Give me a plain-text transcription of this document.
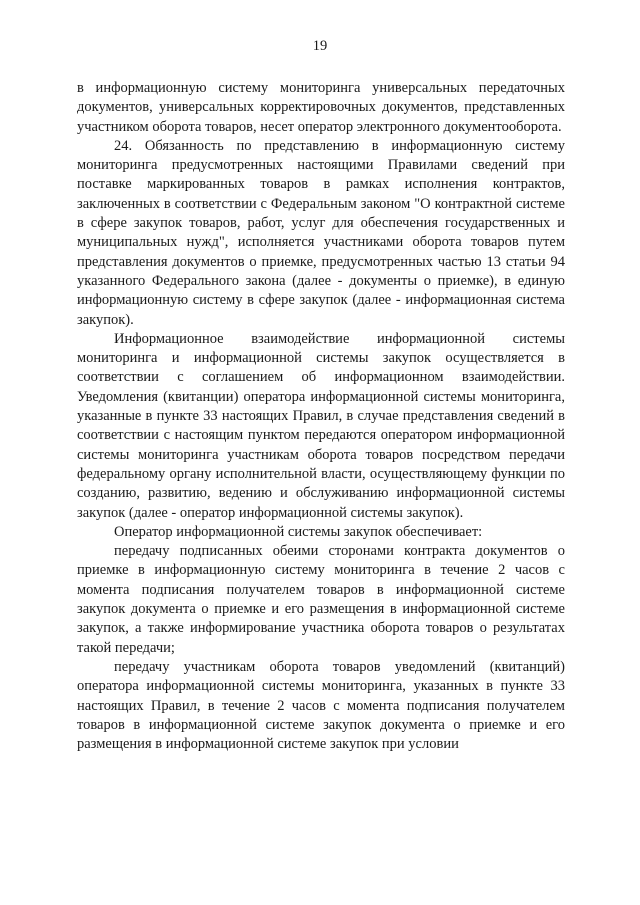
19

в информационную систему мониторинга универсальных передаточных документов, универсальных корректировочных документов, представленных участником оборота товаров, несет оператор электронного документооборота.

24. Обязанность по представлению в информационную систему мониторинга предусмотренных настоящими Правилами сведений при поставке маркированных товаров в рамках исполнения контрактов, заключенных в соответствии с Федеральным законом "О контрактной системе в сфере закупок товаров, работ, услуг для обеспечения государственных и муниципальных нужд", исполняется участниками оборота товаров путем представления документов о приемке, предусмотренных частью 13 статьи 94 указанного Федерального закона (далее - документы о приемке), в единую информационную систему в сфере закупок (далее - информационная система закупок).

Информационное взаимодействие информационной системы мониторинга и информационной системы закупок осуществляется в соответствии с соглашением об информационном взаимодействии. Уведомления (квитанции) оператора информационной системы мониторинга, указанные в пункте 33 настоящих Правил, в случае представления сведений в соответствии с настоящим пунктом передаются оператором информационной системы мониторинга участникам оборота товаров посредством передачи федеральному органу исполнительной власти, осуществляющему функции по созданию, развитию, ведению и обслуживанию информационной системы закупок (далее - оператор информационной системы закупок).

Оператор информационной системы закупок обеспечивает:

передачу подписанных обеими сторонами контракта документов о приемке в информационную систему мониторинга в течение 2 часов с момента подписания получателем товаров в информационной системе закупок документа о приемке и его размещения в информационной системе закупок, а также информирование участника оборота товаров о результатах такой передачи;

передачу участникам оборота товаров уведомлений (квитанций) оператора информационной системы мониторинга, указанных в пункте 33 настоящих Правил, в течение 2 часов с момента подписания получателем товаров в информационной системе закупок документа о приемке и его размещения в информационной системе закупок при условии
